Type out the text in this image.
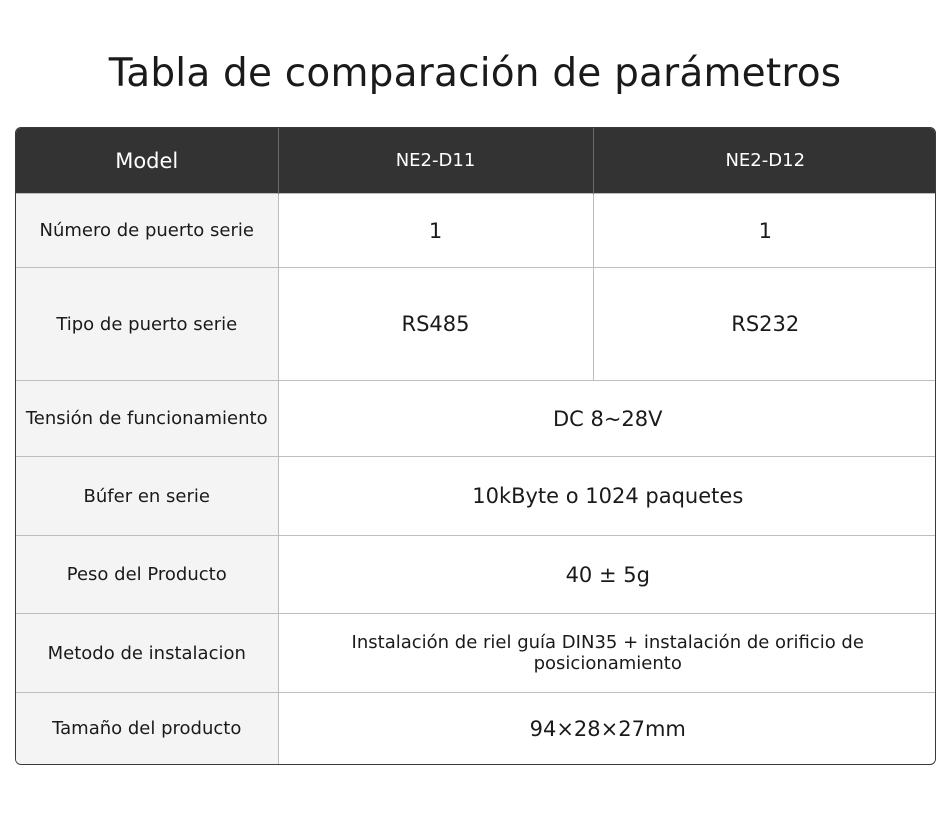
Tabla de comparación de parámetros
Model	NE2-D11	NE2-D12
Número de puerto serie	1	1
Tipo de puerto serie	RS485	RS232
Tensión de funcionamiento	DC 8~28V	
Búfer en serie	10kByte o 1024 paquetes	
Peso del Producto	40 ± 5g	
Metodo de instalacion	Instalación de riel guía DIN35 + instalación de orificio de posicionamiento	
Tamaño del producto	94×28×27mm	
